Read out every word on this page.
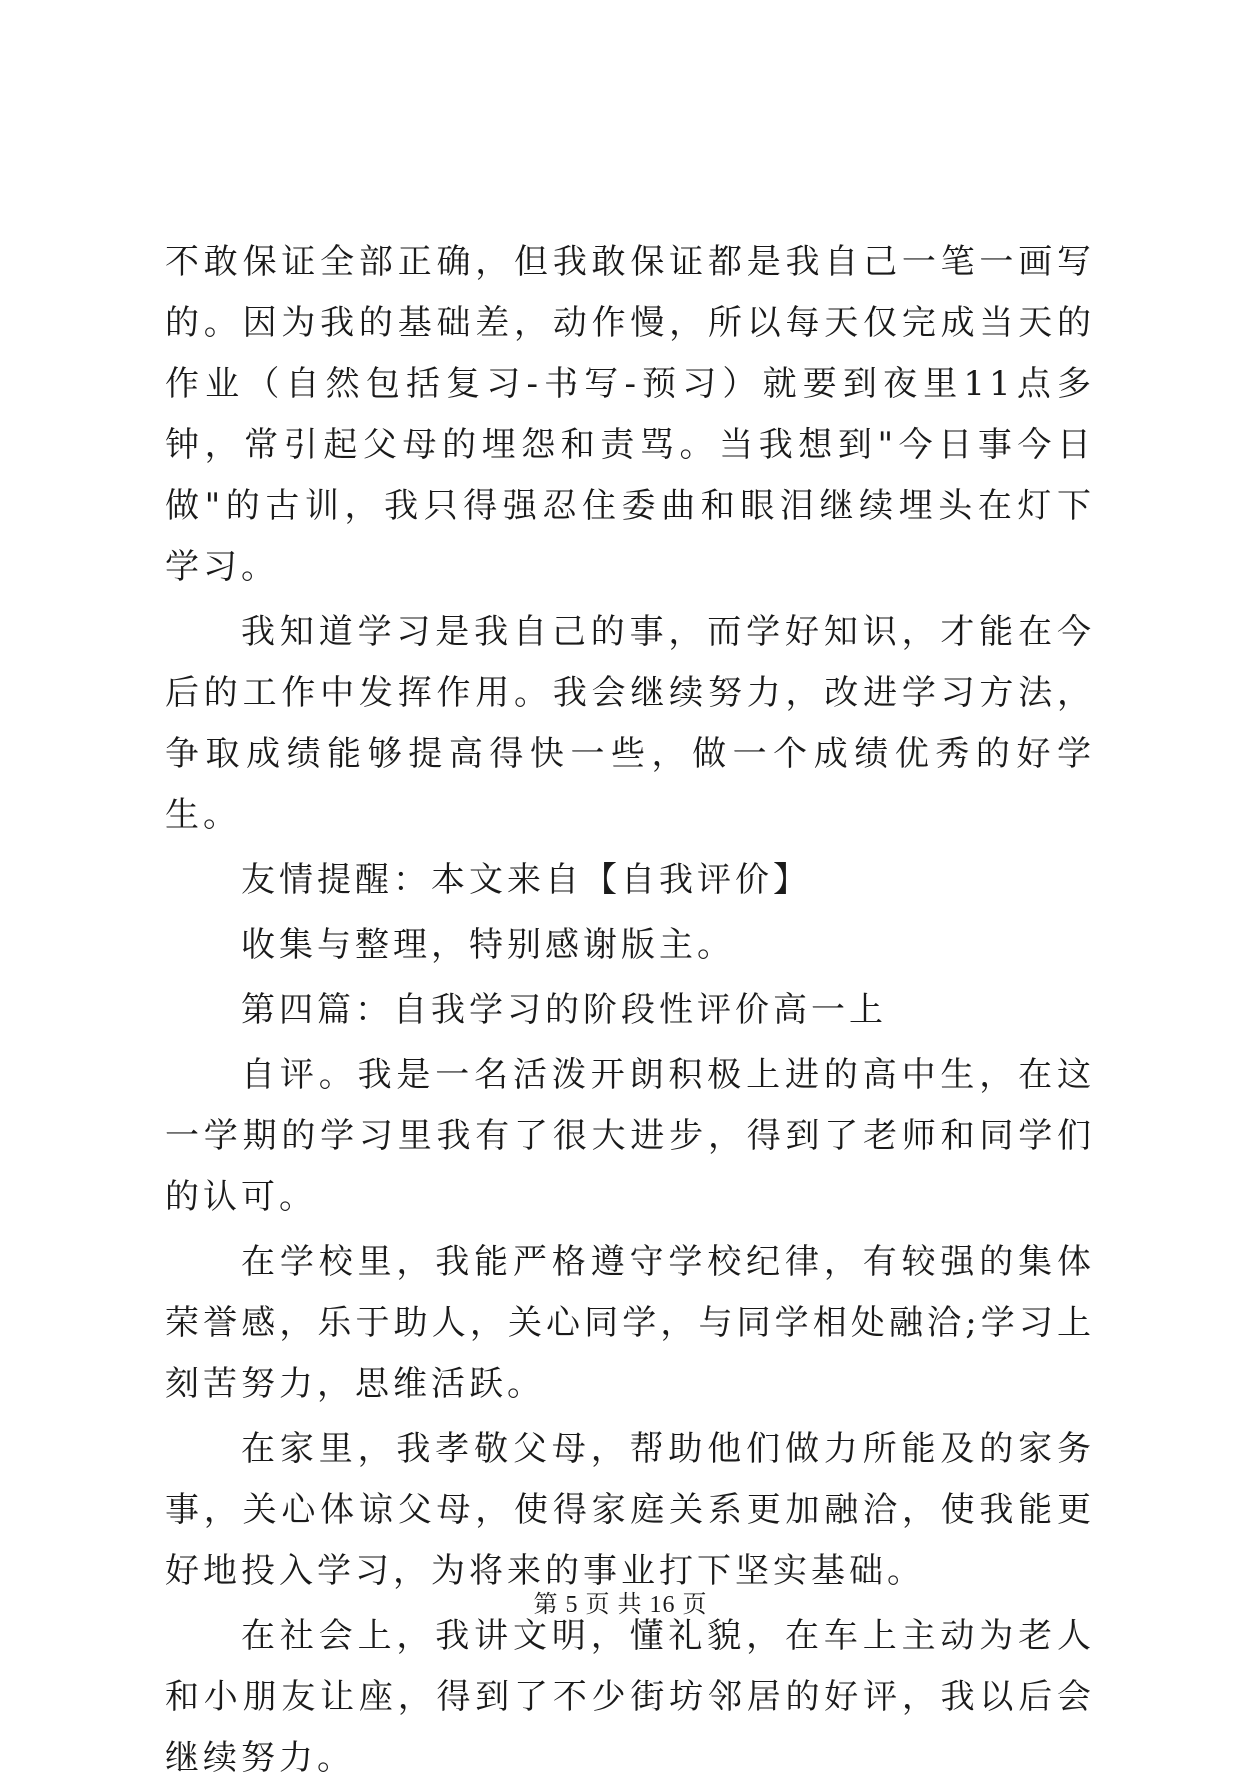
不敢保证全部正确，但我敢保证都是我自己一笔一画写的。因为我的基础差，动作慢，所以每天仅完成当天的作业（自然包括复习-书写-预习）就要到夜里11点多钟，常引起父母的埋怨和责骂。当我想到"今日事今日做"的古训，我只得强忍住委曲和眼泪继续埋头在灯下学习。

我知道学习是我自己的事，而学好知识，才能在今后的工作中发挥作用。我会继续努力，改进学习方法，争取成绩能够提高得快一些，做一个成绩优秀的好学生。

友情提醒：本文来自【自我评价】

收集与整理，特别感谢版主。

第四篇：自我学习的阶段性评价高一上

自评。我是一名活泼开朗积极上进的高中生，在这一学期的学习里我有了很大进步，得到了老师和同学们的认可。

在学校里，我能严格遵守学校纪律，有较强的集体荣誉感，乐于助人，关心同学，与同学相处融洽;学习上刻苦努力，思维活跃。

在家里，我孝敬父母，帮助他们做力所能及的家务事，关心体谅父母，使得家庭关系更加融洽，使我能更好地投入学习，为将来的事业打下坚实基础。

在社会上，我讲文明，懂礼貌，在车上主动为老人和小朋友让座，得到了不少街坊邻居的好评，我以后会继续努力。

第 5 页 共 16 页
